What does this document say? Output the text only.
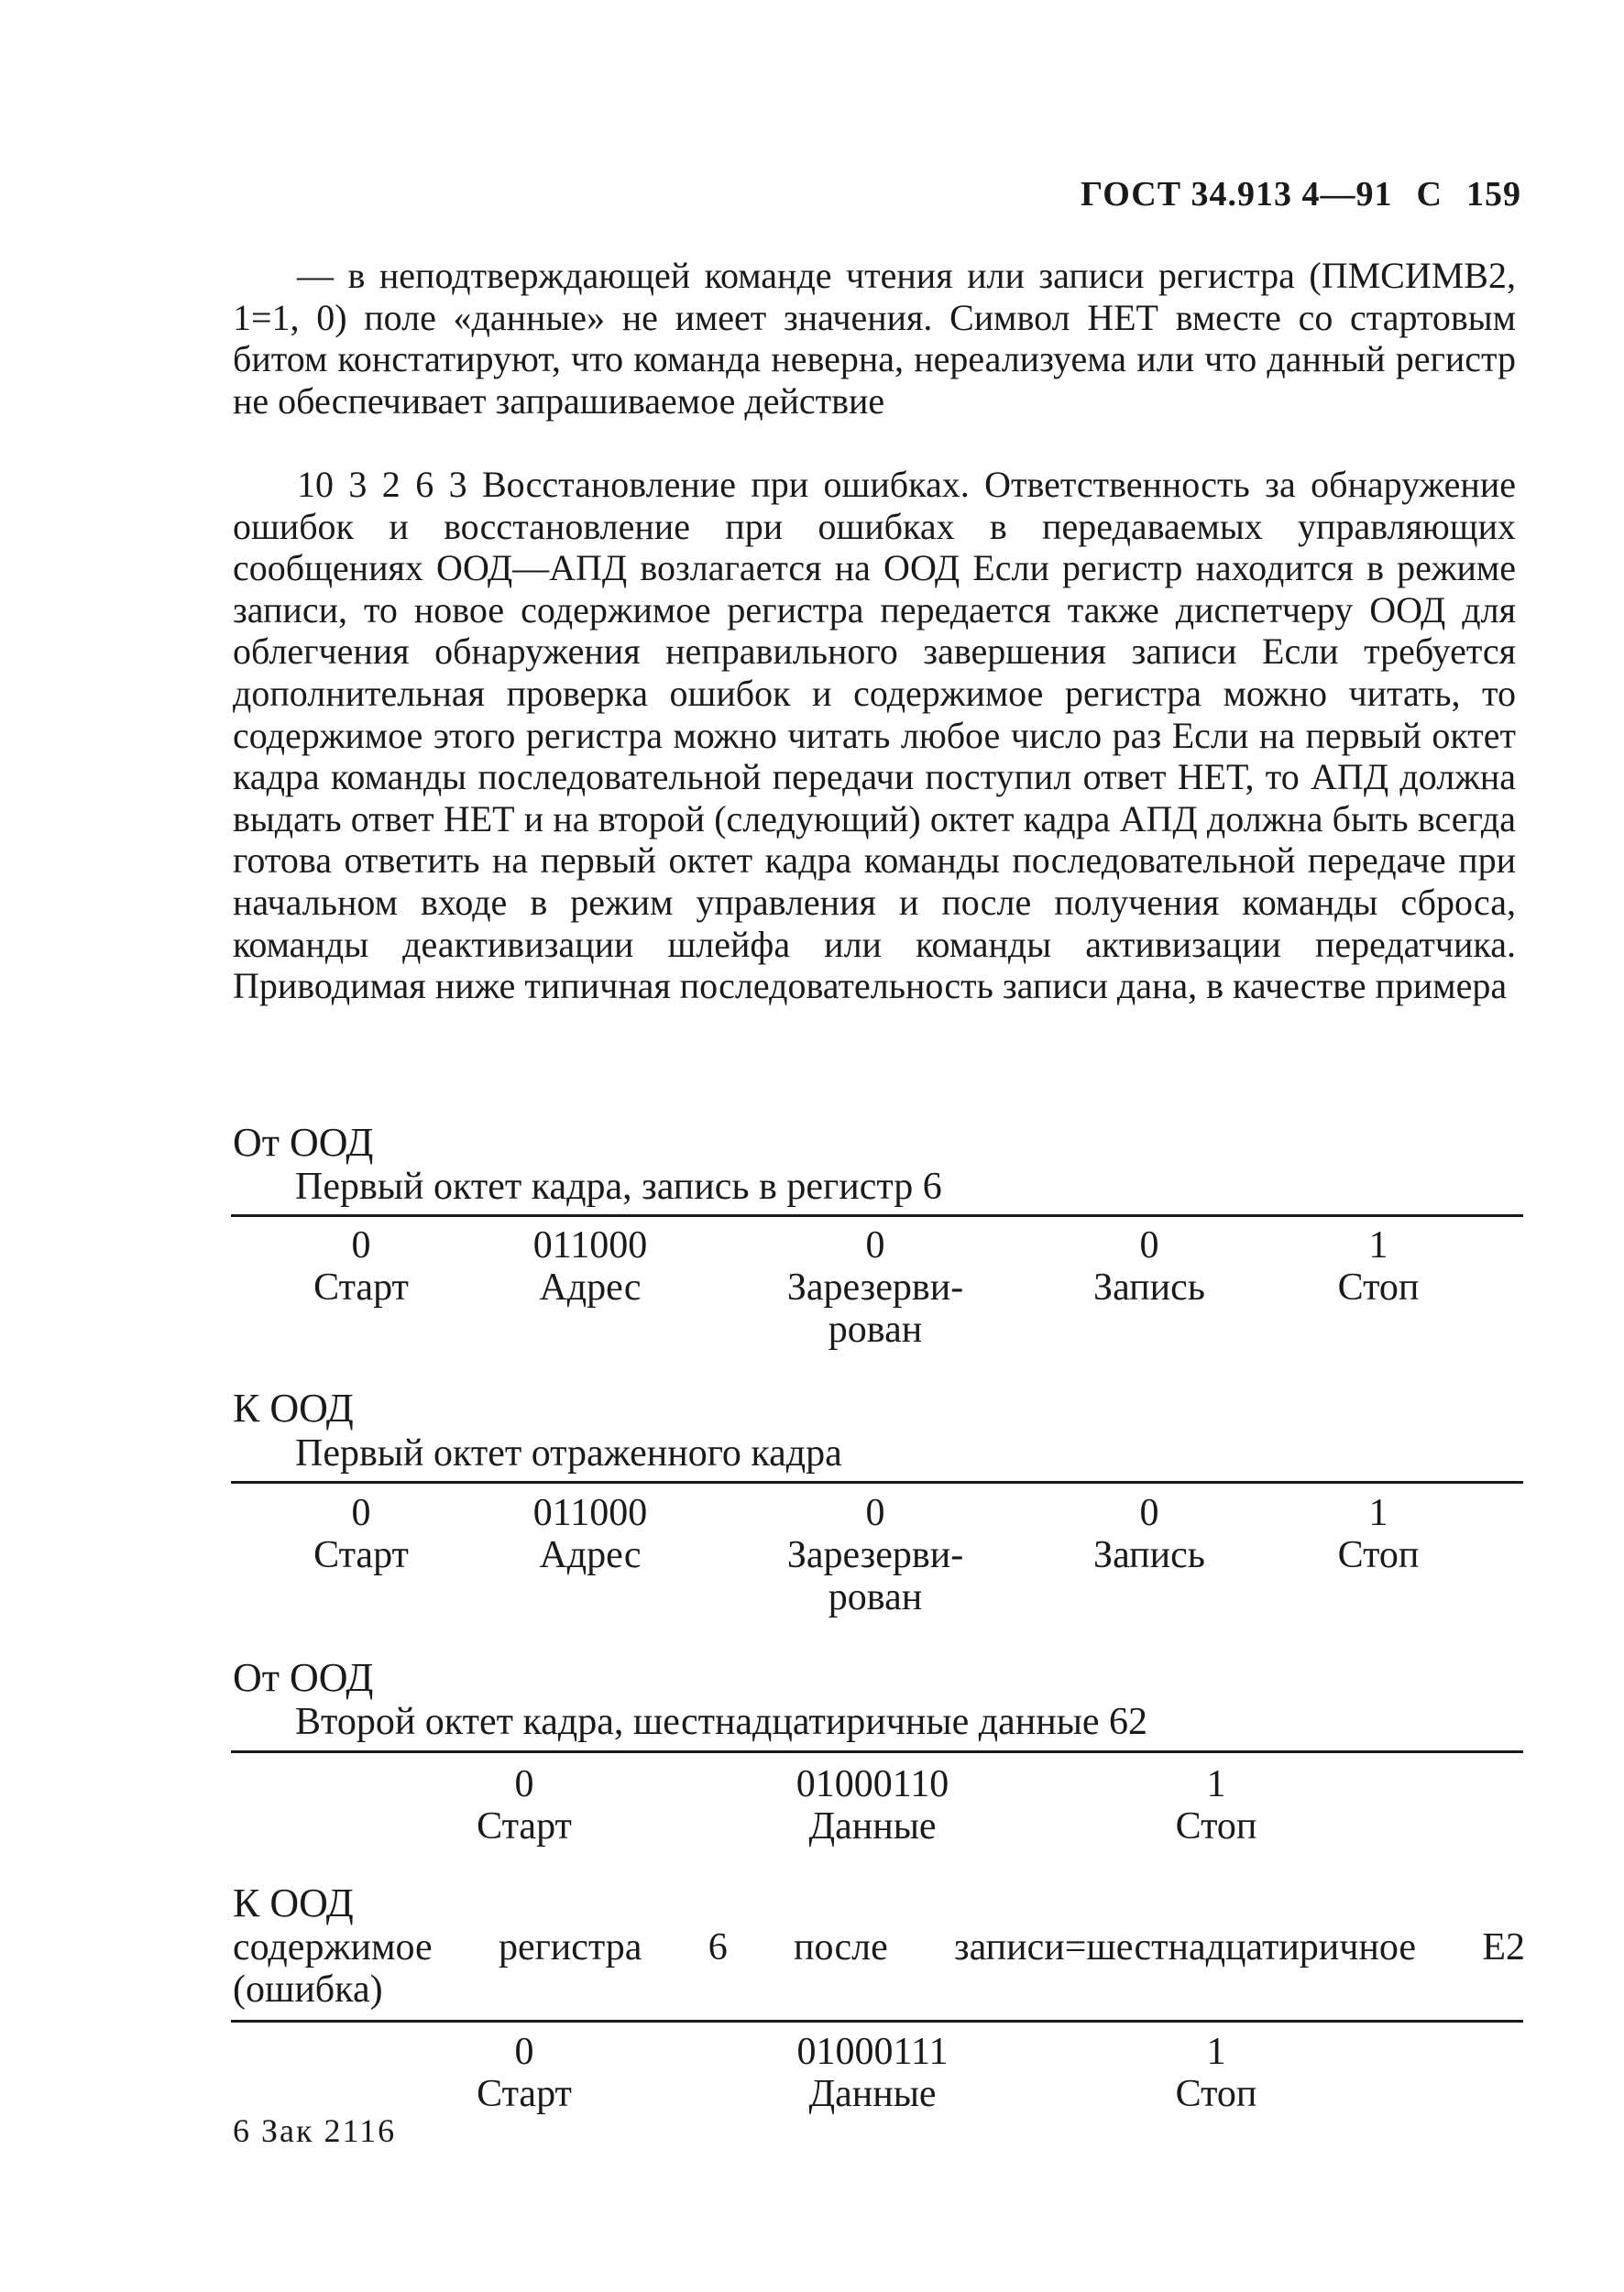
ГОСТ 34.913 4—91 С 159

— в неподтверждающей команде чтения или записи регистра (ПМСИМВ2, 1=1, 0) поле «данные» не имеет значения. Символ НЕТ вместе со стартовым битом констатируют, что команда неверна, нереализуема или что данный регистр не обеспечивает запрашиваемое действие

10 3 2 6 3 Восстановление при ошибках. Ответственность за обнаружение ошибок и восстановление при ошибках в передаваемых управляющих сообщениях ООД—АПД возлагается на ООД Если регистр находится в режиме записи, то новое содержимое регистра передается также диспетчеру ООД для облегчения обнаружения неправильного завершения записи Если требуется дополнительная проверка ошибок и содержимое регистра можно читать, то содержимое этого регистра можно читать любое число раз Если на первый октет кадра команды последовательной передачи поступил ответ НЕТ, то АПД должна выдать ответ НЕТ и на второй (следующий) октет кадра АПД должна быть всегда готова ответить на первый октет кадра команды последовательной передаче при начальном входе в режим управления и после получения команды сброса, команды деактивизации шлейфа или команды активизации передатчика. Приводимая ниже типичная последовательность записи дана, в качестве примера

От ООД
Первый октет кадра, запись в регистр 6
0
Старт
011000
Адрес
0
Зарезерви-
рован
0
Запись
1
Стоп
К ООД
Первый октет отраженного кадра
0
Старт
011000
Адрес
0
Зарезерви-
рован
0
Запись
1
Стоп
От ООД
Второй октет кадра, шестнадцатиричные данные 62
0
Старт
01000110
Данные
1
Стоп
К ООД
содержимое регистра 6 после записи=шестнадцатиричное Е2
(ошибка)
0
Старт
01000111
Данные
1
Стоп
6 Зак 2116
